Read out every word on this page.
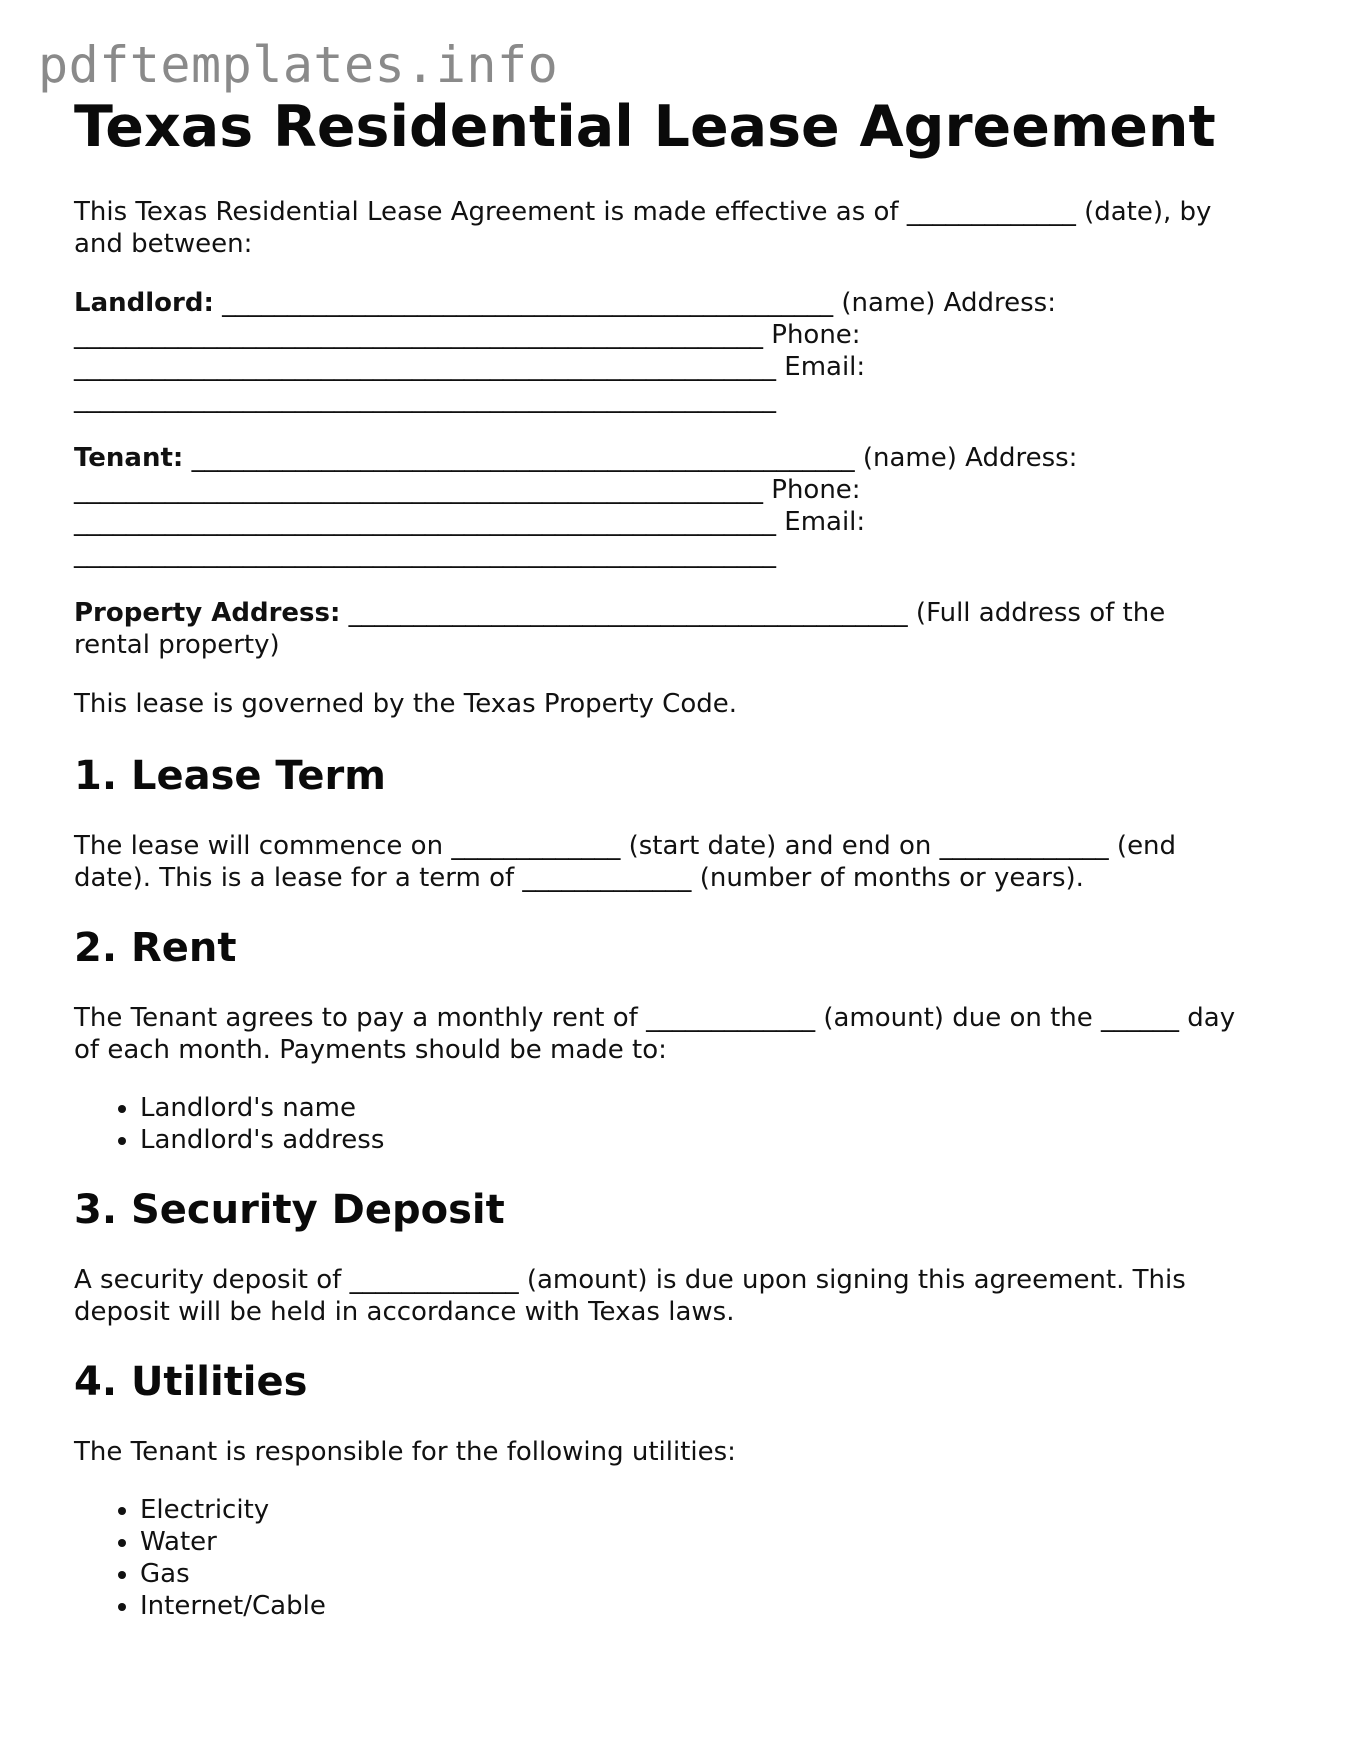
pdftemplates.info
Texas Residential Lease Agreement

This Texas Residential Lease Agreement is made effective as of _____________ (date), by
and between:

Landlord: _______________________________________________ (name) Address:
_____________________________________________________ Phone:
______________________________________________________ Email:
______________________________________________________

Tenant: ___________________________________________________ (name) Address:
_____________________________________________________ Phone:
______________________________________________________ Email:
______________________________________________________

Property Address: ___________________________________________ (Full address of the
rental property)

This lease is governed by the Texas Property Code.

1. Lease Term

The lease will commence on _____________ (start date) and end on _____________ (end
date). This is a lease for a term of _____________ (number of months or years).

2. Rent

The Tenant agrees to pay a monthly rent of _____________ (amount) due on the ______ day
of each month. Payments should be made to:

• Landlord's name
• Landlord's address
3. Security Deposit

A security deposit of _____________ (amount) is due upon signing this agreement. This
deposit will be held in accordance with Texas laws.

4. Utilities

The Tenant is responsible for the following utilities:

• Electricity
• Water
• Gas
• Internet/Cable
